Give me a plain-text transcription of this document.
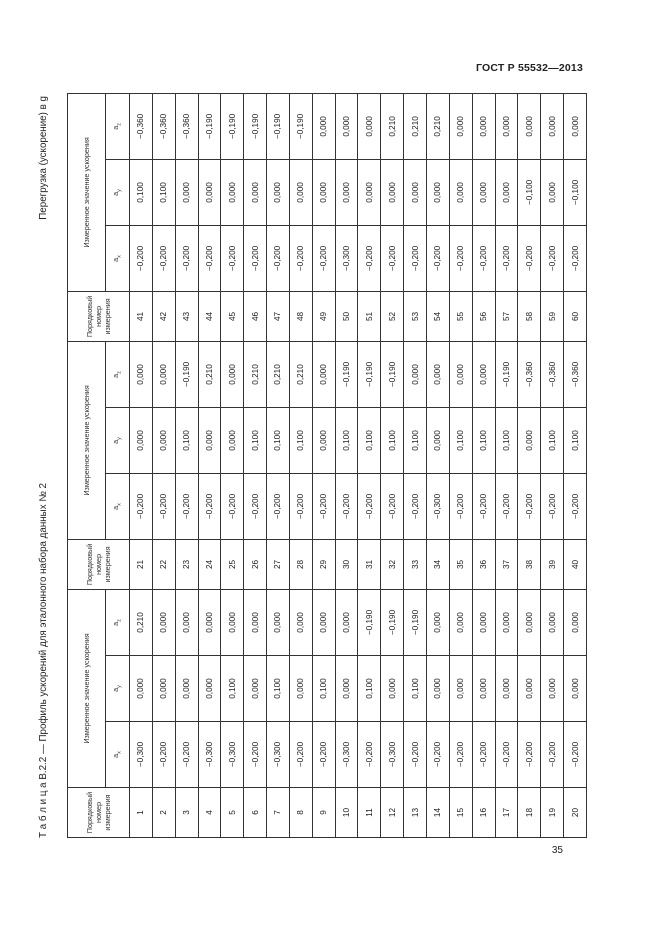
ГОСТ Р 55532—2013
Т а б л и ц а В.2.2 — Профиль ускорений для эталонного набора данных № 2
Перегрузка (ускорение) в g
Порядковый номер измерения	Измеренное значение ускорения			Порядковый номер измерения	Измеренное значение ускорения			Порядковый номер измерения	Измеренное значение ускорения		
	$a_x$	$a_y$	$a_z$		$a_x$	$a_y$	$a_z$		$a_x$	$a_y$	$a_z$
1	−0,300	0,000	0,210	21	−0,200	0,000	0,000	41	−0,200	0,100	−0,360
2	−0,200	0,000	0,000	22	−0,200	0,000	0,000	42	−0,200	0,100	−0,360
3	−0,200	0,000	0,000	23	−0,200	0,100	−0,190	43	−0,200	0,000	−0,360
4	−0,300	0,000	0,000	24	−0,200	0,000	0,210	44	−0,200	0,000	−0,190
5	−0,300	0,100	0,000	25	−0,200	0,000	0,000	45	−0,200	0,000	−0,190
6	−0,200	0,000	0,000	26	−0,200	0,100	0,210	46	−0,200	0,000	−0,190
7	−0,300	0,100	0,000	27	−0,200	0,100	0,210	47	−0,200	0,000	−0,190
8	−0,200	0,000	0,000	28	−0,200	0,100	0,210	48	−0,200	0,000	−0,190
9	−0,200	0,100	0,000	29	−0,200	0,000	0,000	49	−0,200	0,000	0,000
10	−0,300	0,000	0,000	30	−0,200	0,100	−0,190	50	−0,300	0,000	0,000
11	−0,200	0,100	−0,190	31	−0,200	0,100	−0,190	51	−0,200	0,000	0,000
12	−0,300	0,000	−0,190	32	−0,200	0,100	−0,190	52	−0,200	0,000	0,210
13	−0,200	0,100	−0,190	33	−0,200	0,100	0,000	53	−0,200	0,000	0,210
14	−0,200	0,000	0,000	34	−0,300	0,000	0,000	54	−0,200	0,000	0,210
15	−0,200	0,000	0,000	35	−0,200	0,100	0,000	55	−0,200	0,000	0,000
16	−0,200	0,000	0,000	36	−0,200	0,100	0,000	56	−0,200	0,000	0,000
17	−0,200	0,000	0,000	37	−0,200	0,100	−0,190	57	−0,200	0,000	0,000
18	−0,200	0,000	0,000	38	−0,200	0,000	−0,360	58	−0,200	−0,100	0,000
19	−0,200	0,000	0,000	39	−0,200	0,100	−0,360	59	−0,200	0,000	0,000
20	−0,200	0,000	0,000	40	−0,200	0,100	−0,360	60	−0,200	−0,100	0,000
35
